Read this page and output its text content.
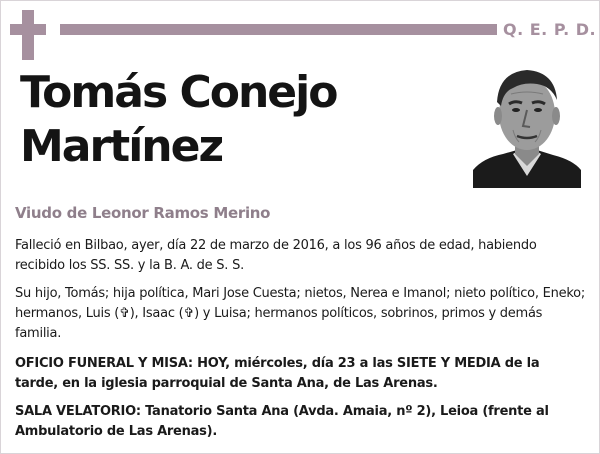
Q. E. P. D.
Tomás Conejo
Martínez
Viudo de Leonor Ramos Merino
Falleció en Bilbao, ayer, día 22 de marzo de 2016, a los 96 años de edad, habiendo recibido los SS. SS. y la B. A. de S. S.
Su hijo, Tomás; hija política, Mari Jose Cuesta; nietos, Nerea e Imanol; nieto político, Eneko; hermanos, Luis (✞), Isaac (✞) y Luisa; hermanos políticos, sobrinos, primos y demás familia.
OFICIO FUNERAL Y MISA: HOY, miércoles, día 23 a las SIETE Y MEDIA de la tarde, en la iglesia parroquial de Santa Ana, de Las Arenas.
SALA VELATORIO: Tanatorio Santa Ana (Avda. Amaia, nº 2), Leioa (frente al Ambulatorio de Las Arenas).
